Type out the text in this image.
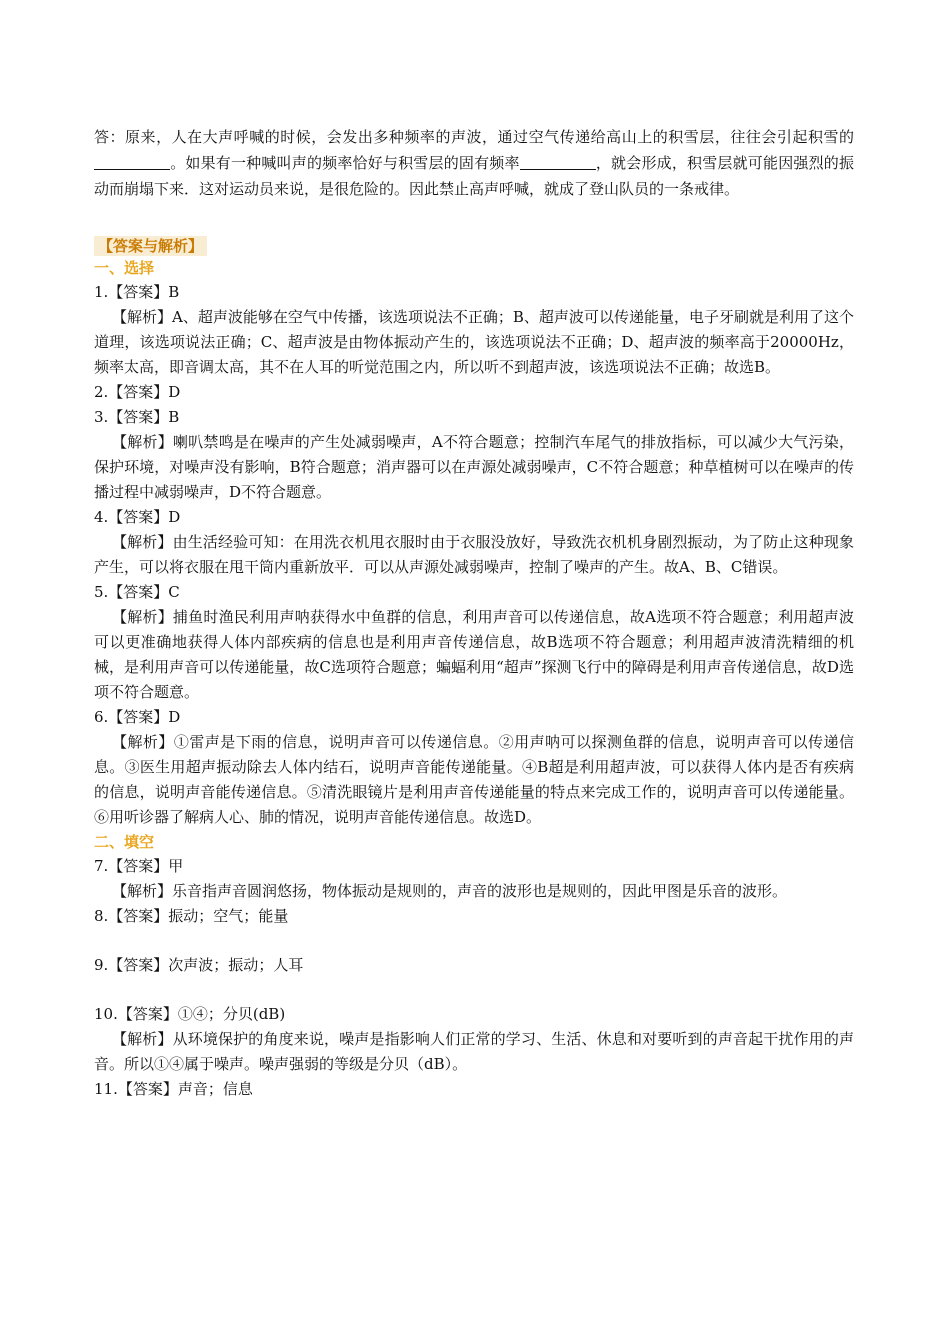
答：原来，人在大声呼喊的时候，会发出多种频率的声波，通过空气传递给高山上的积雪层，往往会引起积雪的。如果有一种喊叫声的频率恰好与积雪层的固有频率	，就会形成，积雪层就可能因强烈的振动而崩塌下来．这对运动员来说，是很危险的。因此禁止高声呼喊，就成了登山队员的一条戒律。

【答案与解析】
一、选择

1.【答案】B

【解析】A、超声波能够在空气中传播，该选项说法不正确；B、超声波可以传递能量，电子牙刷就是利用了这个道理，该选项说法正确；C、超声波是由物体振动产生的，该选项说法不正确；D、超声波的频率高于20000Hz，频率太高，即音调太高，其不在人耳的听觉范围之内，所以听不到超声波，该选项说法不正确；故选B。

2.【答案】D

3.【答案】B

【解析】喇叭禁鸣是在噪声的产生处减弱噪声，A不符合题意；控制汽车尾气的排放指标，可以减少大气污染，保护环境，对噪声没有影响，B符合题意；消声器可以在声源处减弱噪声，C不符合题意；种草植树可以在噪声的传播过程中减弱噪声，D不符合题意。

4.【答案】D

【解析】由生活经验可知：在用洗衣机甩衣服时由于衣服没放好，导致洗衣机机身剧烈振动，为了防止这种现象产生，可以将衣服在甩干筒内重新放平．可以从声源处减弱噪声，控制了噪声的产生。故A、B、C错误。

5.【答案】C

【解析】捕鱼时渔民利用声呐获得水中鱼群的信息，利用声音可以传递信息，故A选项不符合题意；利用超声波可以更准确地获得人体内部疾病的信息也是利用声音传递信息，故B选项不符合题意；利用超声波清洗精细的机械，是利用声音可以传递能量，故C选项符合题意；蝙蝠利用“超声”探测飞行中的障碍是利用声音传递信息，故D选项不符合题意。

6.【答案】D

【解析】①雷声是下雨的信息，说明声音可以传递信息。②用声呐可以探测鱼群的信息，说明声音可以传递信息。③医生用超声振动除去人体内结石，说明声音能传递能量。④B超是利用超声波，可以获得人体内是否有疾病的信息，说明声音能传递信息。⑤清洗眼镜片是利用声音传递能量的特点来完成工作的，说明声音可以传递能量。⑥用听诊器了解病人心、肺的情况，说明声音能传递信息。故选D。

二、填空

7.【答案】甲

【解析】乐音指声音圆润悠扬，物体振动是规则的，声音的波形也是规则的，因此甲图是乐音的波形。

8.【答案】振动；空气；能量

9.【答案】次声波；振动；人耳

10.【答案】①④；分贝(dB)

【解析】从环境保护的角度来说，噪声是指影响人们正常的学习、生活、休息和对要听到的声音起干扰作用的声音。所以①④属于噪声。噪声强弱的等级是分贝（dB）。

11.【答案】声音；信息
